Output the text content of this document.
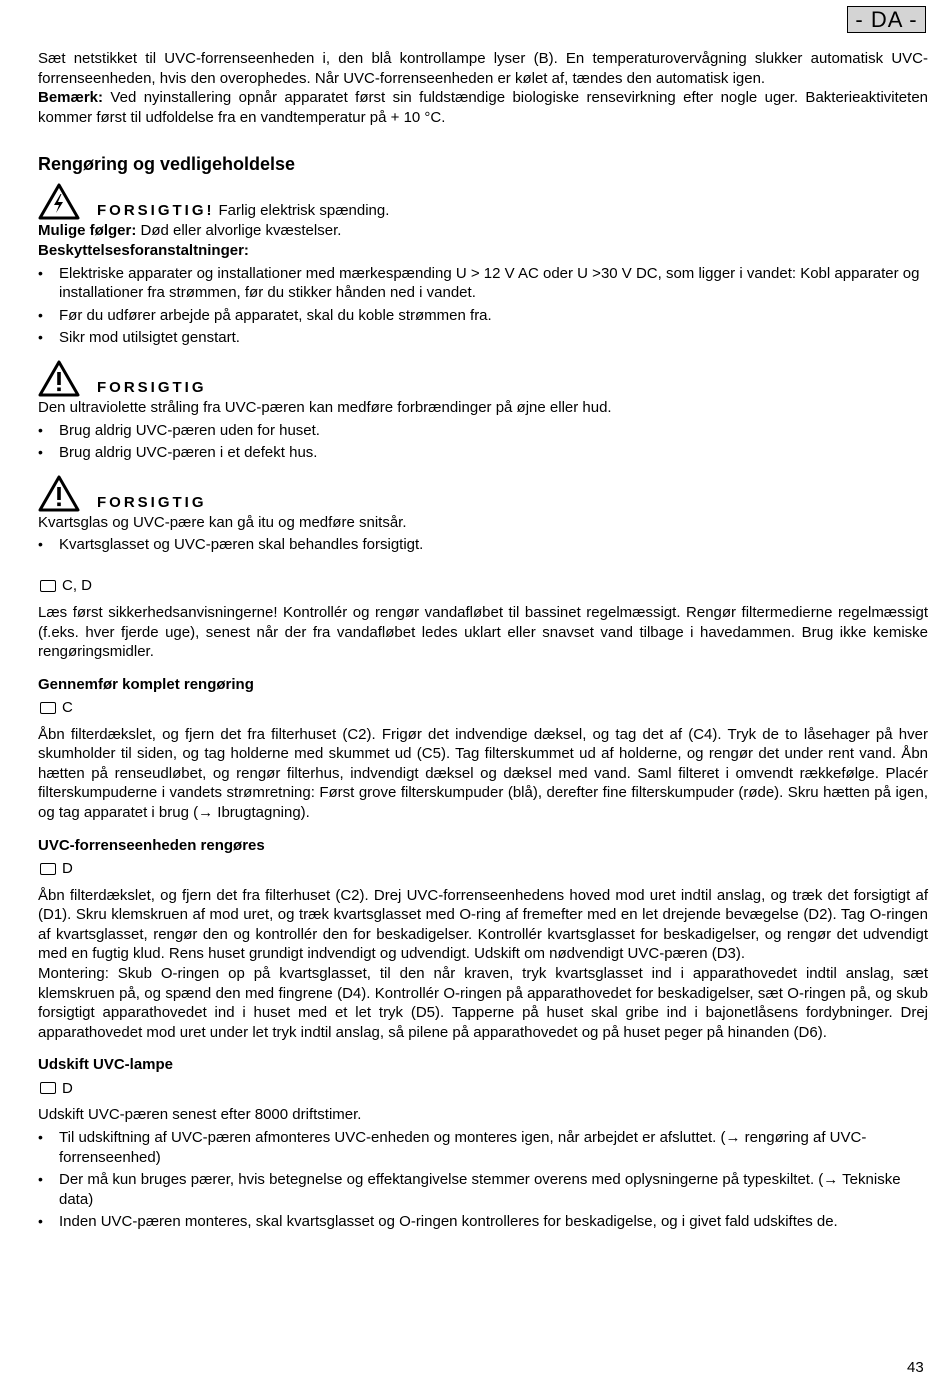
- DA -

Sæt netstikket til UVC-forrenseenheden i, den blå kontrollampe lyser (B). En temperaturovervågning slukker automatisk UVC-forrenseenheden, hvis den overophedes. Når UVC-forrenseenheden er kølet af, tændes den automatisk igen.

Bemærk: Ved nyinstallering opnår apparatet først sin fuldstændige biologiske rensevirkning efter nogle uger. Bakterieaktiviteten kommer først til udfoldelse fra en vandtemperatur på + 10 °C.

Rengøring og vedligeholdelse
FORSIGTIG! Farlig elektrisk spænding.

Mulige følger: Død eller alvorlige kvæstelser.

Beskyttelsesforanstaltninger:

• Elektriske apparater og installationer med mærkespænding U > 12 V AC oder U >30 V DC, som ligger i vandet: Kobl apparater og installationer fra strømmen, før du stikker hånden ned i vandet.
• Før du udfører arbejde på apparatet, skal du koble strømmen fra.
• Sikr mod utilsigtet genstart.
FORSIGTIG

Den ultraviolette stråling fra UVC-pæren kan medføre forbrændinger på øjne eller hud.

• Brug aldrig UVC-pæren uden for huset.
• Brug aldrig UVC-pæren i et defekt hus.
FORSIGTIG

Kvartsglas og UVC-pære kan gå itu og medføre snitsår.

• Kvartsglasset og UVC-pæren skal behandles forsigtigt.
C, D

Læs først sikkerhedsanvisningerne! Kontrollér og rengør vandafløbet til bassinet regelmæssigt. Rengør filtermedierne regelmæssigt (f.eks. hver fjerde uge), senest når der fra vandafløbet ledes uklart eller snavset vand tilbage i havedammen. Brug ikke kemiske rengøringsmidler.

Gennemfør komplet rengøring
C

Åbn filterdækslet, og fjern det fra filterhuset (C2). Frigør det indvendige dæksel, og tag det af (C4). Tryk de to låsehager på hver skumholder til siden, og tag holderne med skummet ud (C5). Tag filterskummet ud af holderne, og rengør det under rent vand. Åbn hætten på renseudløbet, og rengør filterhus, indvendigt dæksel og dæksel med vand. Saml filteret i omvendt rækkefølge. Placér filterskumpuderne i vandets strømretning: Først grove filterskumpuder (blå), derefter fine filterskumpuder (røde). Skru hætten på igen, og tag apparatet i brug (→ Ibrugtagning).

UVC-forrenseenheden rengøres
D

Åbn filterdækslet, og fjern det fra filterhuset (C2). Drej UVC-forrenseenhedens hoved mod uret indtil anslag, og træk det forsigtigt af (D1). Skru klemskruen af mod uret, og træk kvartsglasset med O-ring af fremefter med en let drejende bevægelse (D2). Tag O-ringen af kvartsglasset, rengør den og kontrollér den for beskadigelser. Kontrollér kvartsglasset for beskadigelser, og rengør det udvendigt med en fugtig klud. Rens huset grundigt indvendigt og udvendigt. Udskift om nødvendigt UVC-pæren (D3).

Montering: Skub O-ringen op på kvartsglasset, til den når kraven, tryk kvartsglasset ind i apparathovedet indtil anslag, sæt klemskruen på, og spænd den med fingrene (D4). Kontrollér O-ringen på apparathovedet for beskadigelser, sæt O-ringen på, og skub forsigtigt apparathovedet ind i huset med et let tryk (D5). Tapperne på huset skal gribe ind i bajonetlåsens fordybninger. Drej apparathovedet mod uret under let tryk indtil anslag, så pilene på apparathovedet og på huset peger på hinanden (D6).

Udskift UVC-lampe
D

Udskift UVC-pæren senest efter 8000 driftstimer.

• Til udskiftning af UVC-pæren afmonteres UVC-enheden og monteres igen, når arbejdet er afsluttet. (→ rengøring af UVC-forrenseenhed)
• Der må kun bruges pærer, hvis betegnelse og effektangivelse stemmer overens med oplysningerne på typeskiltet. (→ Tekniske data)
• Inden UVC-pæren monteres, skal kvartsglasset og O-ringen kontrolleres for beskadigelse, og i givet fald udskiftes de.
43
